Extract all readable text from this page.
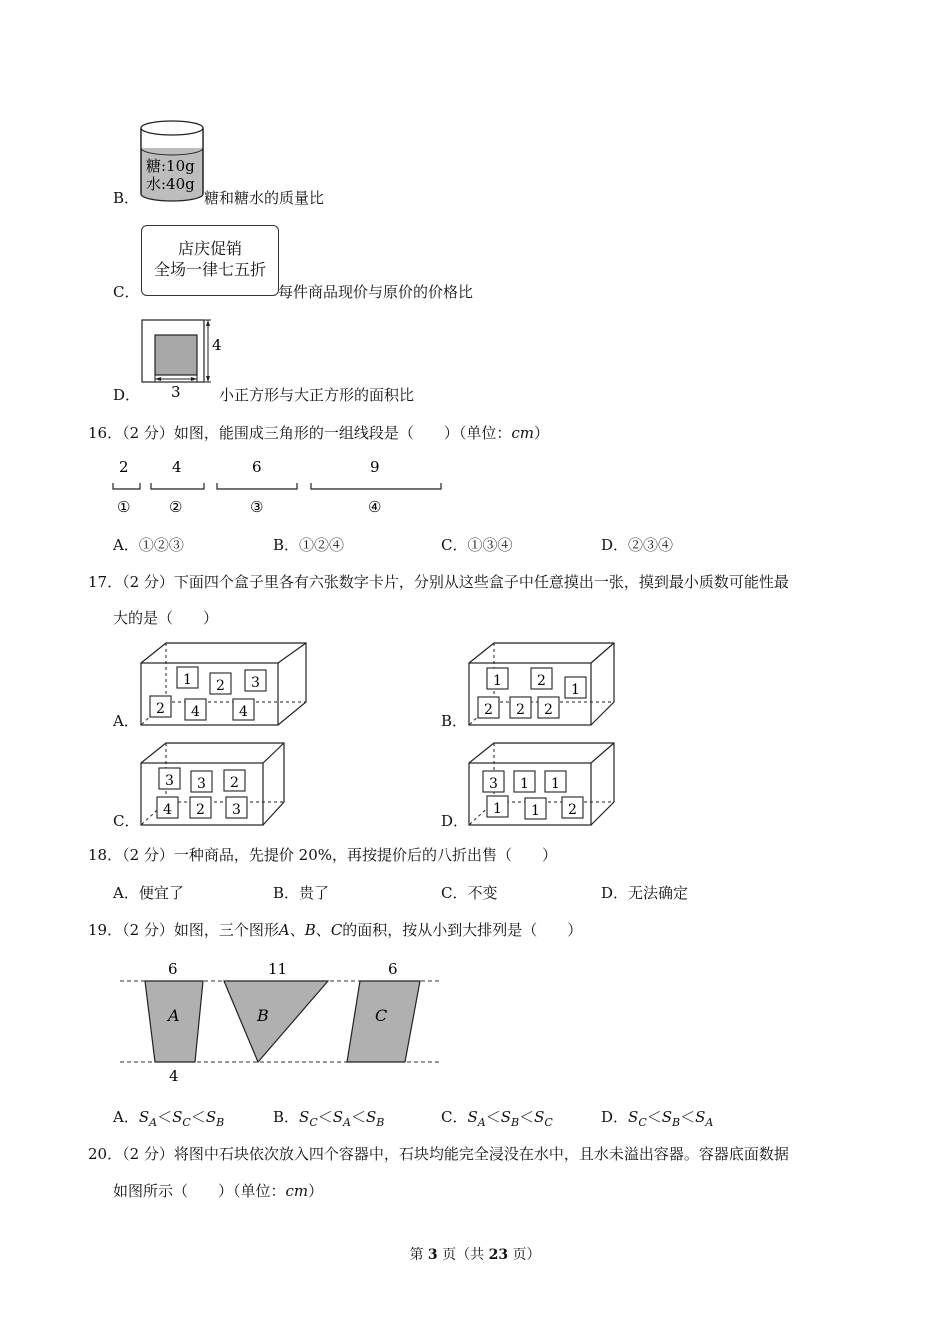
B．
糖:10g
水:40g
糖和糖水的质量比
C．
店庆促销
全场一律七五折
每件商品现价与原价的价格比
D．
4
3	小正方形与大正方形的面积比
16．（2 分）如图，能围成三角形的一组线段是（　　）（单位：cm）
2
①
4
②
6
③
9
④
A．①②③	B．①②④	C．①③④	D．②③④
17．（2 分）下面四个盒子里各有六张数字卡片，分别从这些盒子中任意摸出一张，摸到最小质数可能性最
大的是（　　）
A．
1 2 3
2 4	4	B．
1	2
1
2 2 2
C．
3 3 2
4 2 3
D．
3 1 1
1 1 2
18．（2 分）一种商品，先提价 20%，再按提价后的八折出售（　　）
A．便宜了	B．贵了	C．不变	D．无法确定
19．（2 分）如图，三个图形A、B、C的面积，按从小到大排列是（　　）
6	11	6
4
A	B	C
A．$S_A<S_C<S_B$	B．$S_C<S_A<S_B$	C．$S_A<S_B<S_C$	D．$S_C<S_B<S_A$
20．（2 分）将图中石块依次放入四个容器中，石块均能完全浸没在水中，且水未溢出容器。容器底面数据
如图所示（　　）（单位：cm）
第 3 页（共 23 页）
